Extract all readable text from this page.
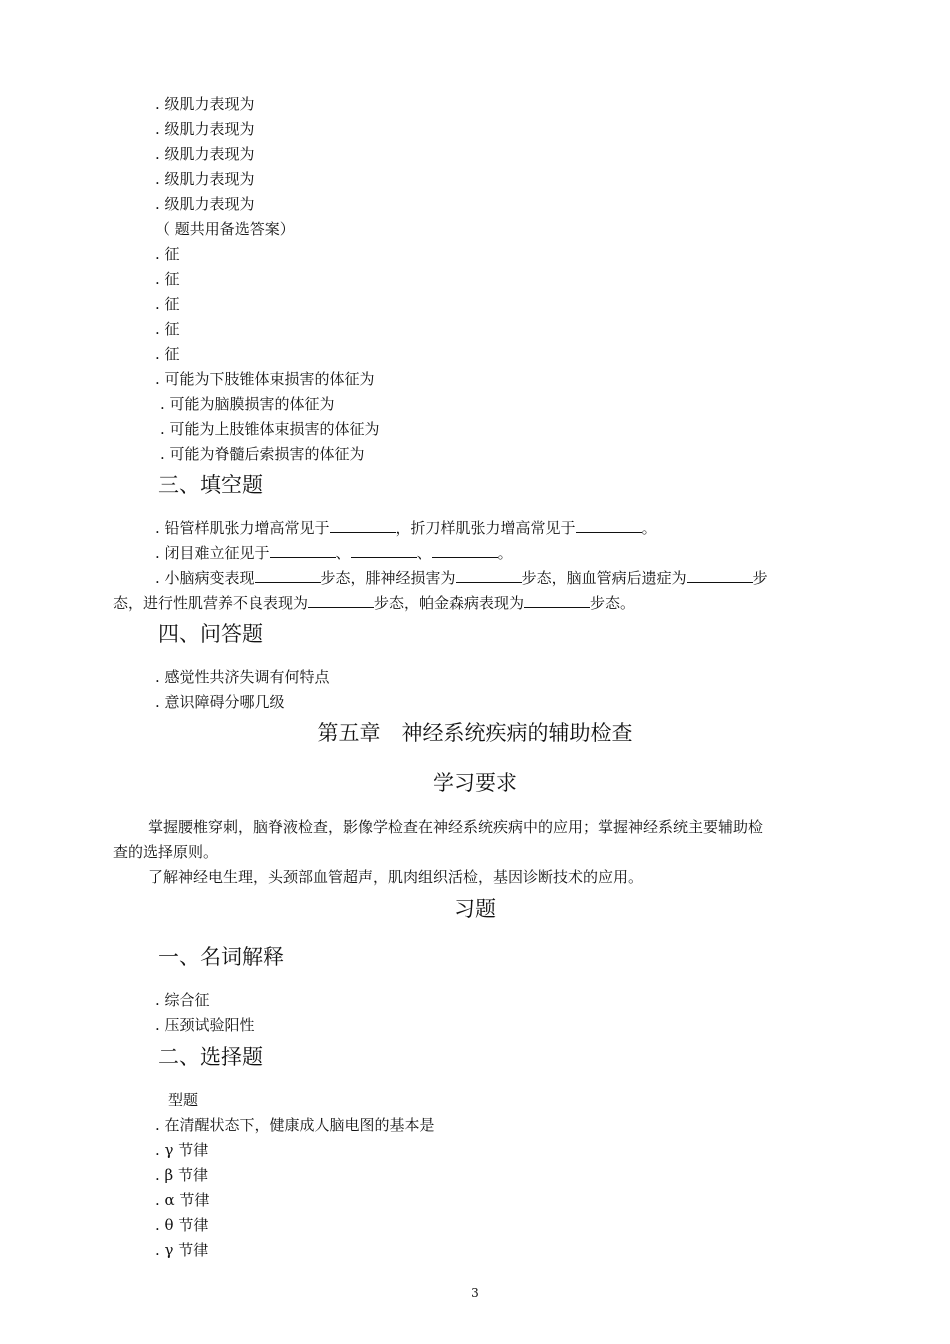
. 级肌力表现为
. 级肌力表现为
. 级肌力表现为
. 级肌力表现为
. 级肌力表现为
（ 题共用备选答案）
. 征
. 征
. 征
. 征
. 征
. 可能为下肢锥体束损害的体征为
. 可能为脑膜损害的体征为
. 可能为上肢锥体束损害的体征为
. 可能为脊髓后索损害的体征为
三、填空题
. 铅管样肌张力增高常见于	，折刀样肌张力增高常见于	。
. 闭目难立征见于	、	、	。
. 小脑病变表现	步态，腓神经损害为	步态，脑血管病后遗症为	步
态，进行性肌营养不良表现为	步态，帕金森病表现为	步态。
四、问答题
. 感觉性共济失调有何特点
. 意识障碍分哪几级
第五章　神经系统疾病的辅助检查
学习要求
掌握腰椎穿刺，脑脊液检查，影像学检查在神经系统疾病中的应用；掌握神经系统主要辅助检
查的选择原则。
了解神经电生理，头颈部血管超声，肌肉组织活检，基因诊断技术的应用。
习题
一、名词解释
. 综合征
. 压颈试验阳性
二、选择题
型题
. 在清醒状态下，健康成人脑电图的基本是
. γ 节律
. β 节律
. α 节律
. θ 节律
. γ 节律
3
